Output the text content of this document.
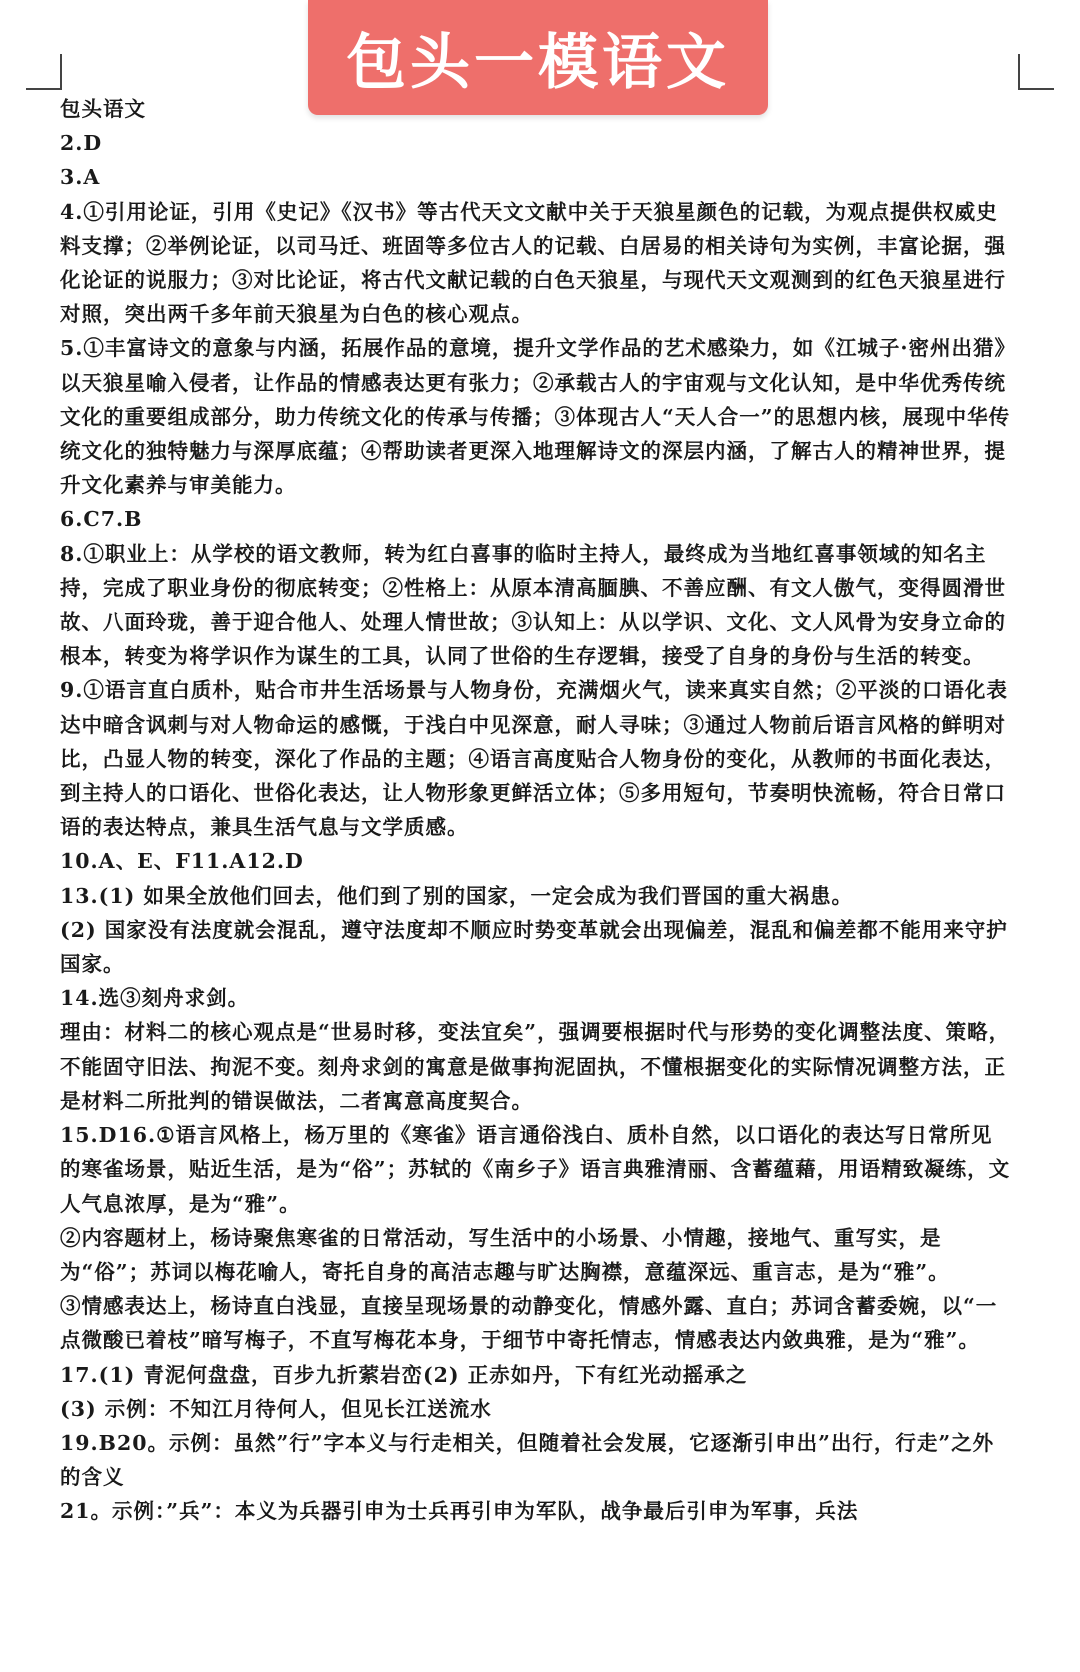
包头一模语文

包头语文

2.D

3.A

4.①引用论证，引用《史记》《汉书》等古代天文文献中关于天狼星颜色的记载，为观点提供权威史料支撑；②举例论证，以司马迁、班固等多位古人的记载、白居易的相关诗句为实例，丰富论据，强化论证的说服力；③对比论证，将古代文献记载的白色天狼星，与现代天文观测到的红色天狼星进行对照，突出两千多年前天狼星为白色的核心观点。

5.①丰富诗文的意象与内涵，拓展作品的意境，提升文学作品的艺术感染力，如《江城子·密州出猎》以天狼星喻入侵者，让作品的情感表达更有张力；②承载古人的宇宙观与文化认知，是中华优秀传统文化的重要组成部分，助力传统文化的传承与传播；③体现古人“天人合一”的思想内核，展现中华传统文化的独特魅力与深厚底蕴；④帮助读者更深入地理解诗文的深层内涵，了解古人的精神世界，提升文化素养与审美能力。

6.C7.B

8.①职业上：从学校的语文教师，转为红白喜事的临时主持人，最终成为当地红喜事领域的知名主持，完成了职业身份的彻底转变；②性格上：从原本清高腼腆、不善应酬、有文人傲气，变得圆滑世故、八面玲珑，善于迎合他人、处理人情世故；③认知上：从以学识、文化、文人风骨为安身立命的根本，转变为将学识作为谋生的工具，认同了世俗的生存逻辑，接受了自身的身份与生活的转变。

9.①语言直白质朴，贴合市井生活场景与人物身份，充满烟火气，读来真实自然；②平淡的口语化表达中暗含讽刺与对人物命运的感慨，于浅白中见深意，耐人寻味；③通过人物前后语言风格的鲜明对比，凸显人物的转变，深化了作品的主题；④语言高度贴合人物身份的变化，从教师的书面化表达，到主持人的口语化、世俗化表达，让人物形象更鲜活立体；⑤多用短句，节奏明快流畅，符合日常口语的表达特点，兼具生活气息与文学质感。

10.A、E、F11.A12.D

13.(1) 如果全放他们回去，他们到了别的国家，一定会成为我们晋国的重大祸患。

(2) 国家没有法度就会混乱，遵守法度却不顺应时势变革就会出现偏差，混乱和偏差都不能用来守护国家。

14.选③刻舟求剑。

理由：材料二的核心观点是“世易时移，变法宜矣”，强调要根据时代与形势的变化调整法度、策略，不能固守旧法、拘泥不变。刻舟求剑的寓意是做事拘泥固执，不懂根据变化的实际情况调整方法，正是材料二所批判的错误做法，二者寓意高度契合。

15.D16.①语言风格上，杨万里的《寒雀》语言通俗浅白、质朴自然，以口语化的表达写日常所见的寒雀场景，贴近生活，是为“俗”；苏轼的《南乡子》语言典雅清丽、含蓄蕴藉，用语精致凝练，文人气息浓厚，是为“雅”。

②内容题材上，杨诗聚焦寒雀的日常活动，写生活中的小场景、小情趣，接地气、重写实，是为“俗”；苏词以梅花喻人，寄托自身的高洁志趣与旷达胸襟，意蕴深远、重言志，是为“雅”。

③情感表达上，杨诗直白浅显，直接呈现场景的动静变化，情感外露、直白；苏词含蓄委婉，以“一点微酸已着枝”暗写梅子，不直写梅花本身，于细节中寄托情志，情感表达内敛典雅，是为“雅”。

17.(1) 青泥何盘盘，百步九折萦岩峦(2) 正赤如丹，下有红光动摇承之

(3) 示例：不知江月待何人，但见长江送流水

19.B20。示例：虽然”行”字本义与行走相关，但随着社会发展，它逐渐引申出”出行，行走”之外的含义

21。示例：”兵”：本义为兵器引申为士兵再引申为军队，战争最后引申为军事，兵法
